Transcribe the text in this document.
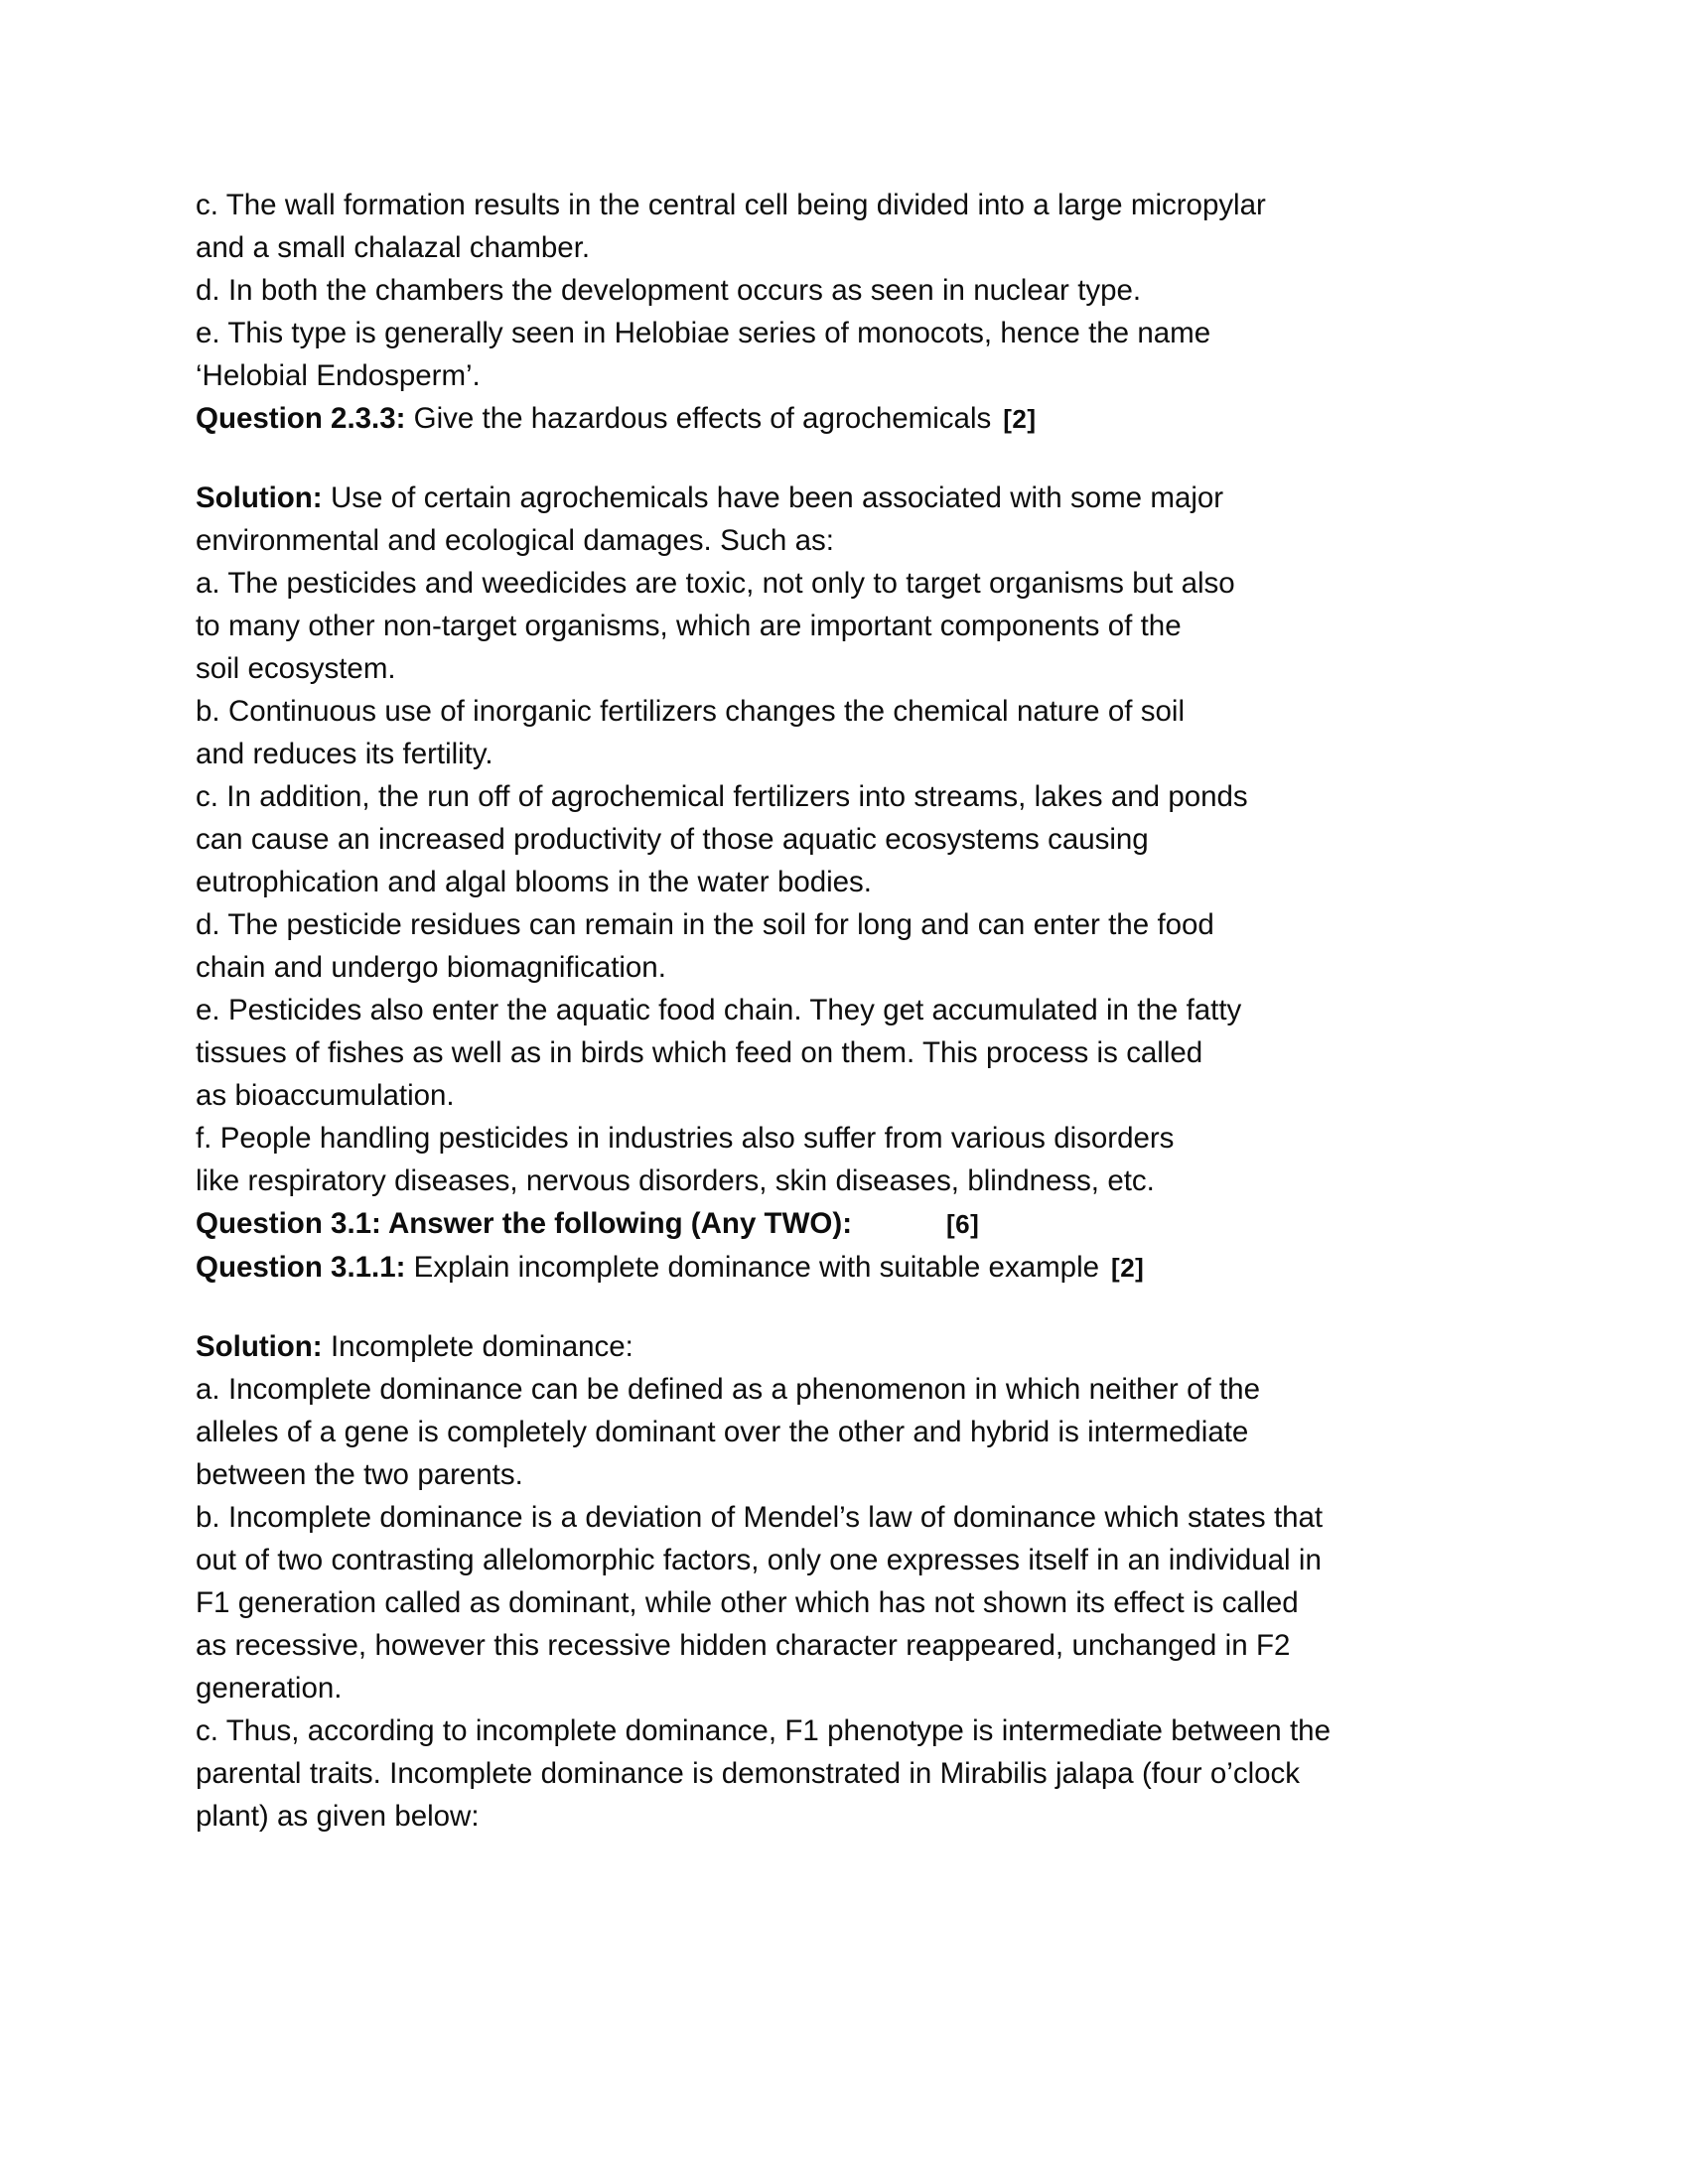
c. The wall formation results in the central cell being divided into a large micropylar
and a small chalazal chamber.
d. In both the chambers the development occurs as seen in nuclear type.
e. This type is generally seen in Helobiae series of monocots, hence the name
‘Helobial Endosperm’.
Question 2.3.3: Give the hazardous effects of agrochemicals [2]
Solution: Use of certain agrochemicals have been associated with some major
environmental and ecological damages. Such as:
a. The pesticides and weedicides are toxic, not only to target organisms but also
to many other non-target organisms, which are important components of the
soil ecosystem.
b. Continuous use of inorganic fertilizers changes the chemical nature of soil
and reduces its fertility.
c. In addition, the run off of agrochemical fertilizers into streams, lakes and ponds
can cause an increased productivity of those aquatic ecosystems causing
eutrophication and algal blooms in the water bodies.
d. The pesticide residues can remain in the soil for long and can enter the food
chain and undergo biomagnification.
e. Pesticides also enter the aquatic food chain. They get accumulated in the fatty
tissues of fishes as well as in birds which feed on them. This process is called
as bioaccumulation.
f. People handling pesticides in industries also suffer from various disorders
like respiratory diseases, nervous disorders, skin diseases, blindness, etc.
Question 3.1: Answer the following (Any TWO):	[6]
Question 3.1.1: Explain incomplete dominance with suitable example [2]
Solution: Incomplete dominance:
a. Incomplete dominance can be defined as a phenomenon in which neither of the
alleles of a gene is completely dominant over the other and hybrid is intermediate
between the two parents.
b. Incomplete dominance is a deviation of Mendel’s law of dominance which states that
out of two contrasting allelomorphic factors, only one expresses itself in an individual in
F1 generation called as dominant, while other which has not shown its effect is called
as recessive, however this recessive hidden character reappeared, unchanged in F2
generation.
c. Thus, according to incomplete dominance, F1 phenotype is intermediate between the
parental traits. Incomplete dominance is demonstrated in Mirabilis jalapa (four o’clock
plant) as given below:
